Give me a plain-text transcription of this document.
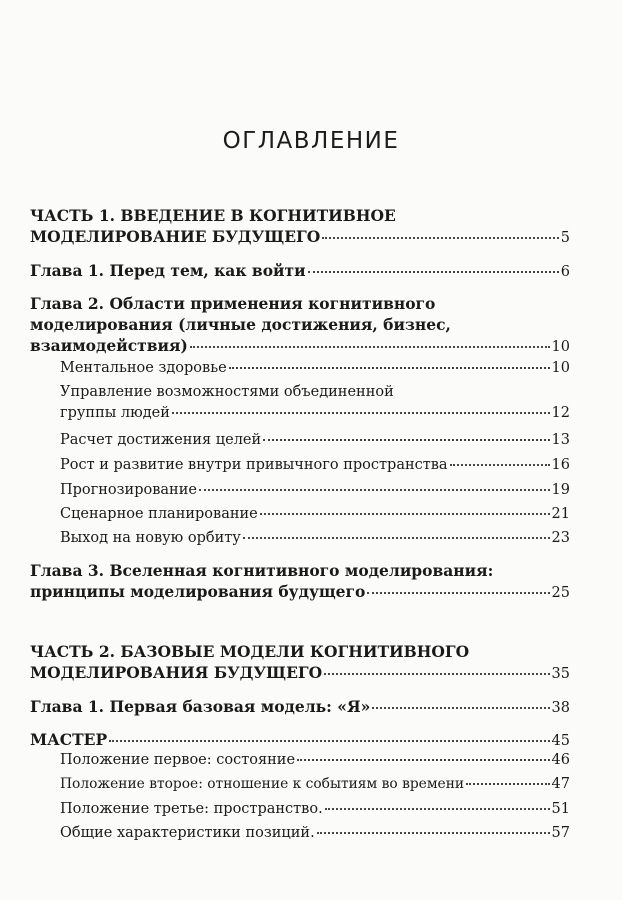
ОГЛАВЛЕНИЕ
ЧАСТЬ 1. ВВЕДЕНИЕ В КОГНИТИВНОЕ
МОДЕЛИРОВАНИЕ БУДУЩЕГО	5
Глава 1. Перед тем, как войти	6
Глава 2. Области применения когнитивного
моделирования (личные достижения, бизнес,
взаимодействия)	10
Ментальное здоровье	10
Управление возможностями объединенной
группы людей	12
Расчет достижения целей	13
Рост и развитие внутри привычного пространства	16
Прогнозирование	19
Сценарное планирование	21
Выход на новую орбиту	23
Глава 3. Вселенная когнитивного моделирования:
принципы моделирования будущего	25
ЧАСТЬ 2. БАЗОВЫЕ МОДЕЛИ КОГНИТИВНОГО
МОДЕЛИРОВАНИЯ БУДУЩЕГО	35
Глава 1. Первая базовая модель: «Я»	38
МАСТЕР	45
Положение первое: состояние	46
Положение второе: отношение к событиям во времени	47
Положение третье: пространство.	51
Общие характеристики позиций.	57
